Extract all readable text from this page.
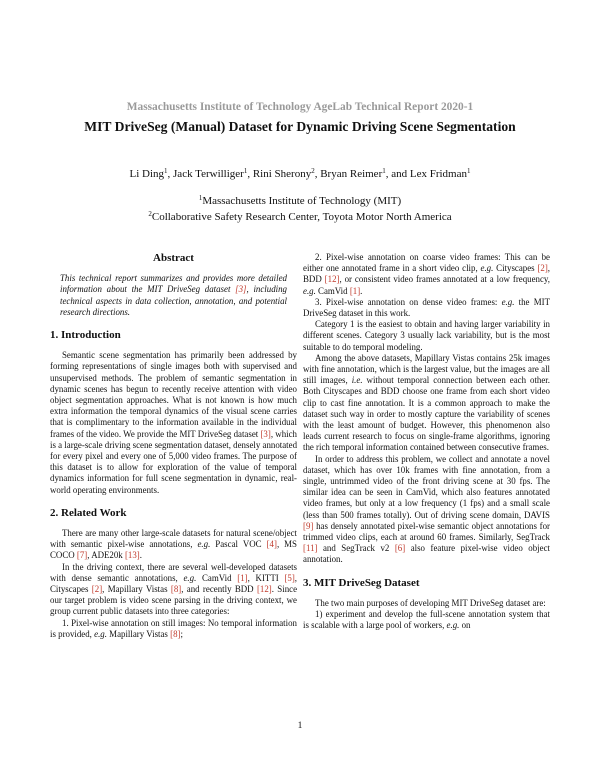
Massachusetts Institute of Technology AgeLab Technical Report 2020-1
MIT DriveSeg (Manual) Dataset for Dynamic Driving Scene Segmentation
Li Ding$^1$, Jack Terwilliger$^1$, Rini Sherony$^2$, Bryan Reimer$^1$, and Lex Fridman$^1$
$^1$Massachusetts Institute of Technology (MIT)
$^2$Collaborative Safety Research Center, Toyota Motor North America
Abstract
This technical report summarizes and provides more detailed information about the MIT DriveSeg dataset [3], including technical aspects in data collection, annotation, and potential research directions.
1. Introduction

Semantic scene segmentation has primarily been addressed by forming representations of single images both with supervised and unsupervised methods. The problem of semantic segmentation in dynamic scenes has begun to recently receive attention with video object segmentation approaches. What is not known is how much extra information the temporal dynamics of the visual scene carries that is complimentary to the information available in the individual frames of the video. We provide the MIT DriveSeg dataset [3], which is a large-scale driving scene segmentation dataset, densely annotated for every pixel and every one of 5,000 video frames. The purpose of this dataset is to allow for exploration of the value of temporal dynamics information for full scene segmentation in dynamic, real-world operating environments.

2. Related Work

There are many other large-scale datasets for natural scene/object with semantic pixel-wise annotations, e.g. Pascal VOC [4], MS COCO [7], ADE20k [13].

In the driving context, there are several well-developed datasets with dense semantic annotations, e.g. CamVid [1], KITTI [5], Cityscapes [2], Mapillary Vistas [8], and recently BDD [12]. Since our target problem is video scene parsing in the driving context, we group current public datasets into three categories:

1. Pixel-wise annotation on still images: No temporal information is provided, e.g. Mapillary Vistas [8];

2. Pixel-wise annotation on coarse video frames: This can be either one annotated frame in a short video clip, e.g. Cityscapes [2], BDD [12], or consistent video frames annotated at a low frequency, e.g. CamVid [1].

3. Pixel-wise annotation on dense video frames: e.g. the MIT DriveSeg dataset in this work.

Category 1 is the easiest to obtain and having larger variability in different scenes. Category 3 usually lack variability, but is the most suitable to do temporal modeling.

Among the above datasets, Mapillary Vistas contains 25k images with fine annotation, which is the largest value, but the images are all still images, i.e. without temporal connection between each other. Both Cityscapes and BDD choose one frame from each short video clip to cast fine annotation. It is a common approach to make the dataset such way in order to mostly capture the variability of scenes with the least amount of budget. However, this phenomenon also leads current research to focus on single-frame algorithms, ignoring the rich temporal information contained between consecutive frames.

In order to address this problem, we collect and annotate a novel dataset, which has over 10k frames with fine annotation, from a single, untrimmed video of the front driving scene at 30 fps. The similar idea can be seen in CamVid, which also features annotated video frames, but only at a low frequency (1 fps) and a small scale (less than 500 frames totally). Out of driving scene domain, DAVIS [9] has densely annotated pixel-wise semantic object annotations for trimmed video clips, each at around 60 frames. Similarly, SegTrack [11] and SegTrack v2 [6] also feature pixel-wise video object annotation.

3. MIT DriveSeg Dataset

The two main purposes of developing MIT DriveSeg dataset are:

1) experiment and develop the full-scene annotation system that is scalable with a large pool of workers, e.g. on

1
